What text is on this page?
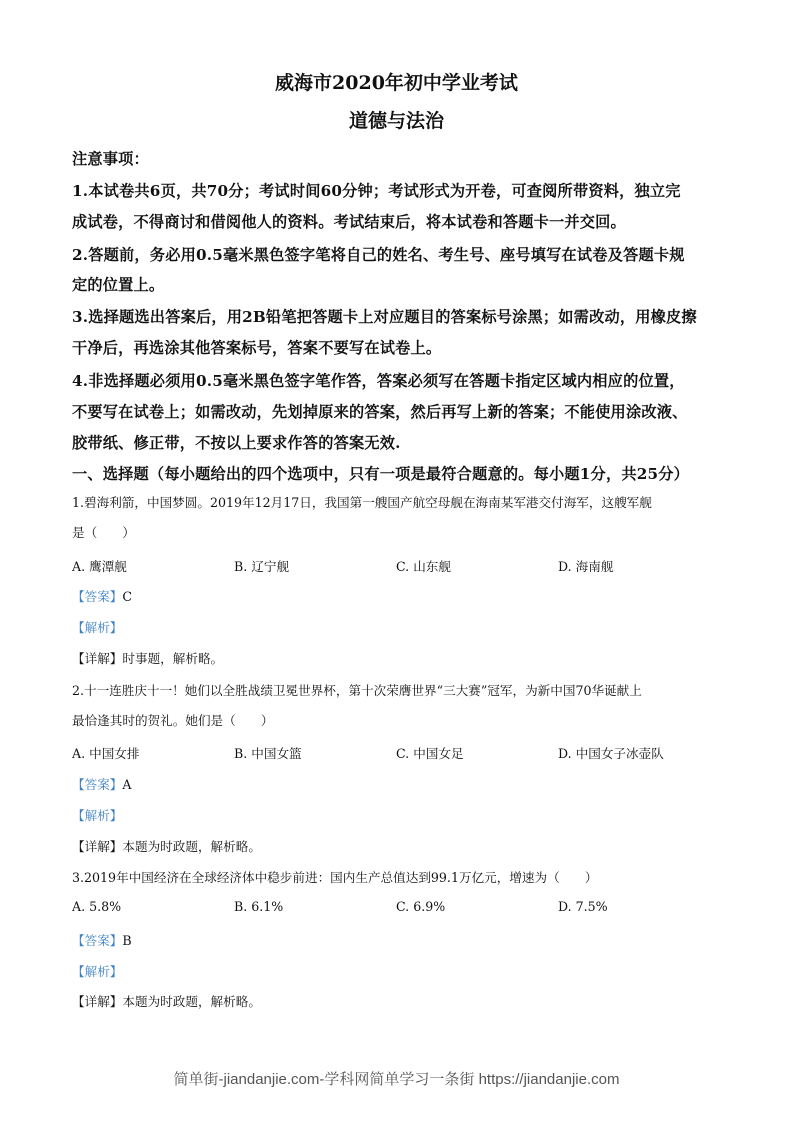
威海市2020年初中学业考试
道德与法治
注意事项：
1.本试卷共6页，共70分；考试时间60分钟；考试形式为开卷，可查阅所带资料，独立完
成试卷，不得商讨和借阅他人的资料。考试结束后，将本试卷和答题卡一并交回。
2.答题前，务必用0.5毫米黑色签字笔将自己的姓名、考生号、座号填写在试卷及答题卡规
定的位置上。
3.选择题选出答案后，用2B铅笔把答题卡上对应题目的答案标号涂黑；如需改动，用橡皮擦
干净后，再选涂其他答案标号，答案不要写在试卷上。
4.非选择题必须用0.5毫米黑色签字笔作答，答案必须写在答题卡指定区域内相应的位置，
不要写在试卷上；如需改动，先划掉原来的答案，然后再写上新的答案；不能使用涂改液、
胶带纸、修正带，不按以上要求作答的答案无效.
一、选择题（每小题给出的四个选项中，只有一项是最符合题意的。每小题1分，共25分）
1.碧海利箭，中国梦圆。2019年12月17日，我国第一艘国产航空母舰在海南某军港交付海军，这艘军舰
是（　　）
A. 鹰潭舰	B. 辽宁舰	C. 山东舰	D. 海南舰
【答案】C
【解析】
【详解】时事题，解析略。
2.十一连胜庆十一！她们以全胜战绩卫冕世界杯，第十次荣膺世界“三大赛”冠军，为新中国70华诞献上
最恰逢其时的贺礼。她们是（　　）
A. 中国女排	B. 中国女篮	C. 中国女足	D. 中国女子冰壶队
【答案】A
【解析】
【详解】本题为时政题，解析略。
3.2019年中国经济在全球经济体中稳步前进：国内生产总值达到99.1万亿元，增速为（　　）
A. 5.8%	B. 6.1%	C. 6.9%	D. 7.5%
【答案】B
【解析】
【详解】本题为时政题，解析略。
简单街-jiandanjie.com-学科网简单学习一条街 https://jiandanjie.com
